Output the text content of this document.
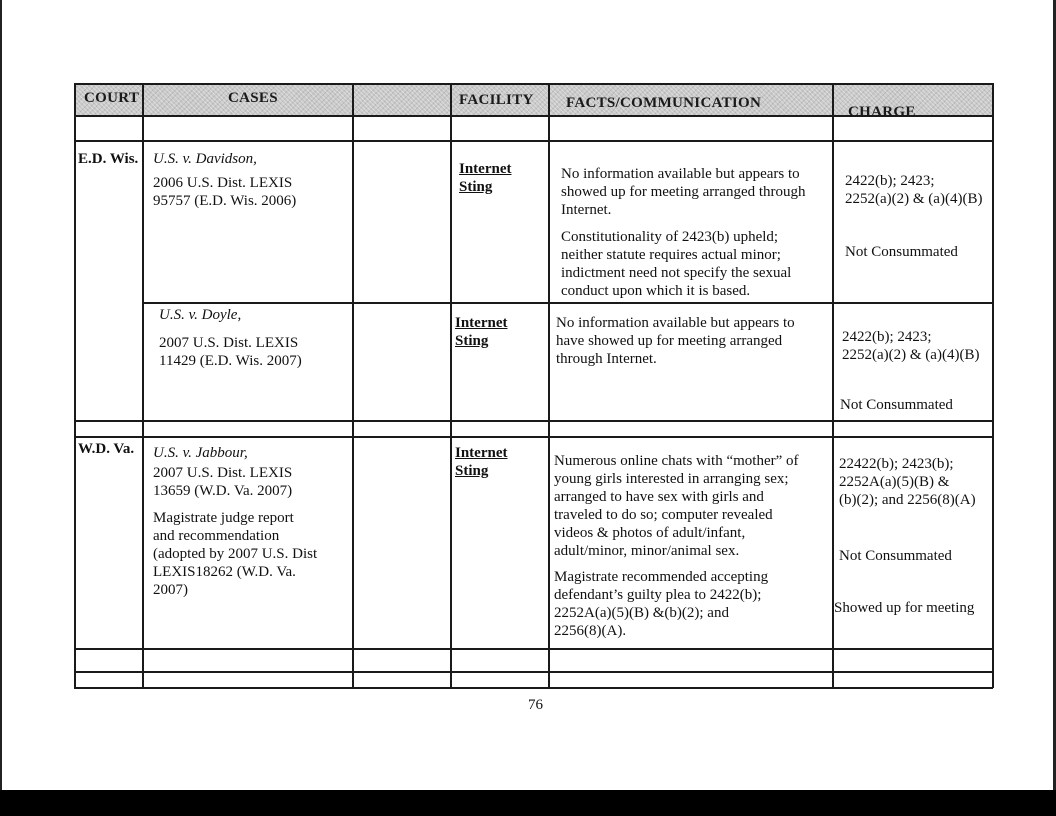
COURT	CASES	FACILITY FACTS/COMMUNICATION
CHARGE
E.D. Wis. U.S. v. Davidson,
2006 U.S. Dist. LEXIS
95757 (E.D. Wis. 2006)
Internet
Sting
No information available but appears to
showed up for meeting arranged through
Internet.
Constitutionality of 2423(b) upheld;
neither statute requires actual minor;
indictment need not specify the sexual
conduct upon which it is based.
2422(b); 2423;
2252(a)(2) & (a)(4)(B)
Not Consummated
U.S. v. Doyle,
2007 U.S. Dist. LEXIS
11429 (E.D. Wis. 2007)
Internet
Sting
No information available but appears to
have showed up for meeting arranged
through Internet.
2422(b); 2423;
2252(a)(2) & (a)(4)(B)
Not Consummated
W.D. Va. U.S. v. Jabbour,
2007 U.S. Dist. LEXIS
13659 (W.D. Va. 2007)
Magistrate judge report
and recommendation
(adopted by 2007 U.S. Dist
LEXIS18262 (W.D. Va.
2007)
Internet
Sting
Numerous online chats with “mother” of
young girls interested in arranging sex;
arranged to have sex with girls and
traveled to do so; computer revealed
videos & photos of adult/infant,
adult/minor, minor/animal sex.
Magistrate recommended accepting
defendant’s guilty plea to 2422(b);
2252A(a)(5)(B) &(b)(2); and
2256(8)(A).
22422(b); 2423(b);
2252A(a)(5)(B) &
(b)(2); and 2256(8)(A)
Not Consummated
Showed up for meeting
76
